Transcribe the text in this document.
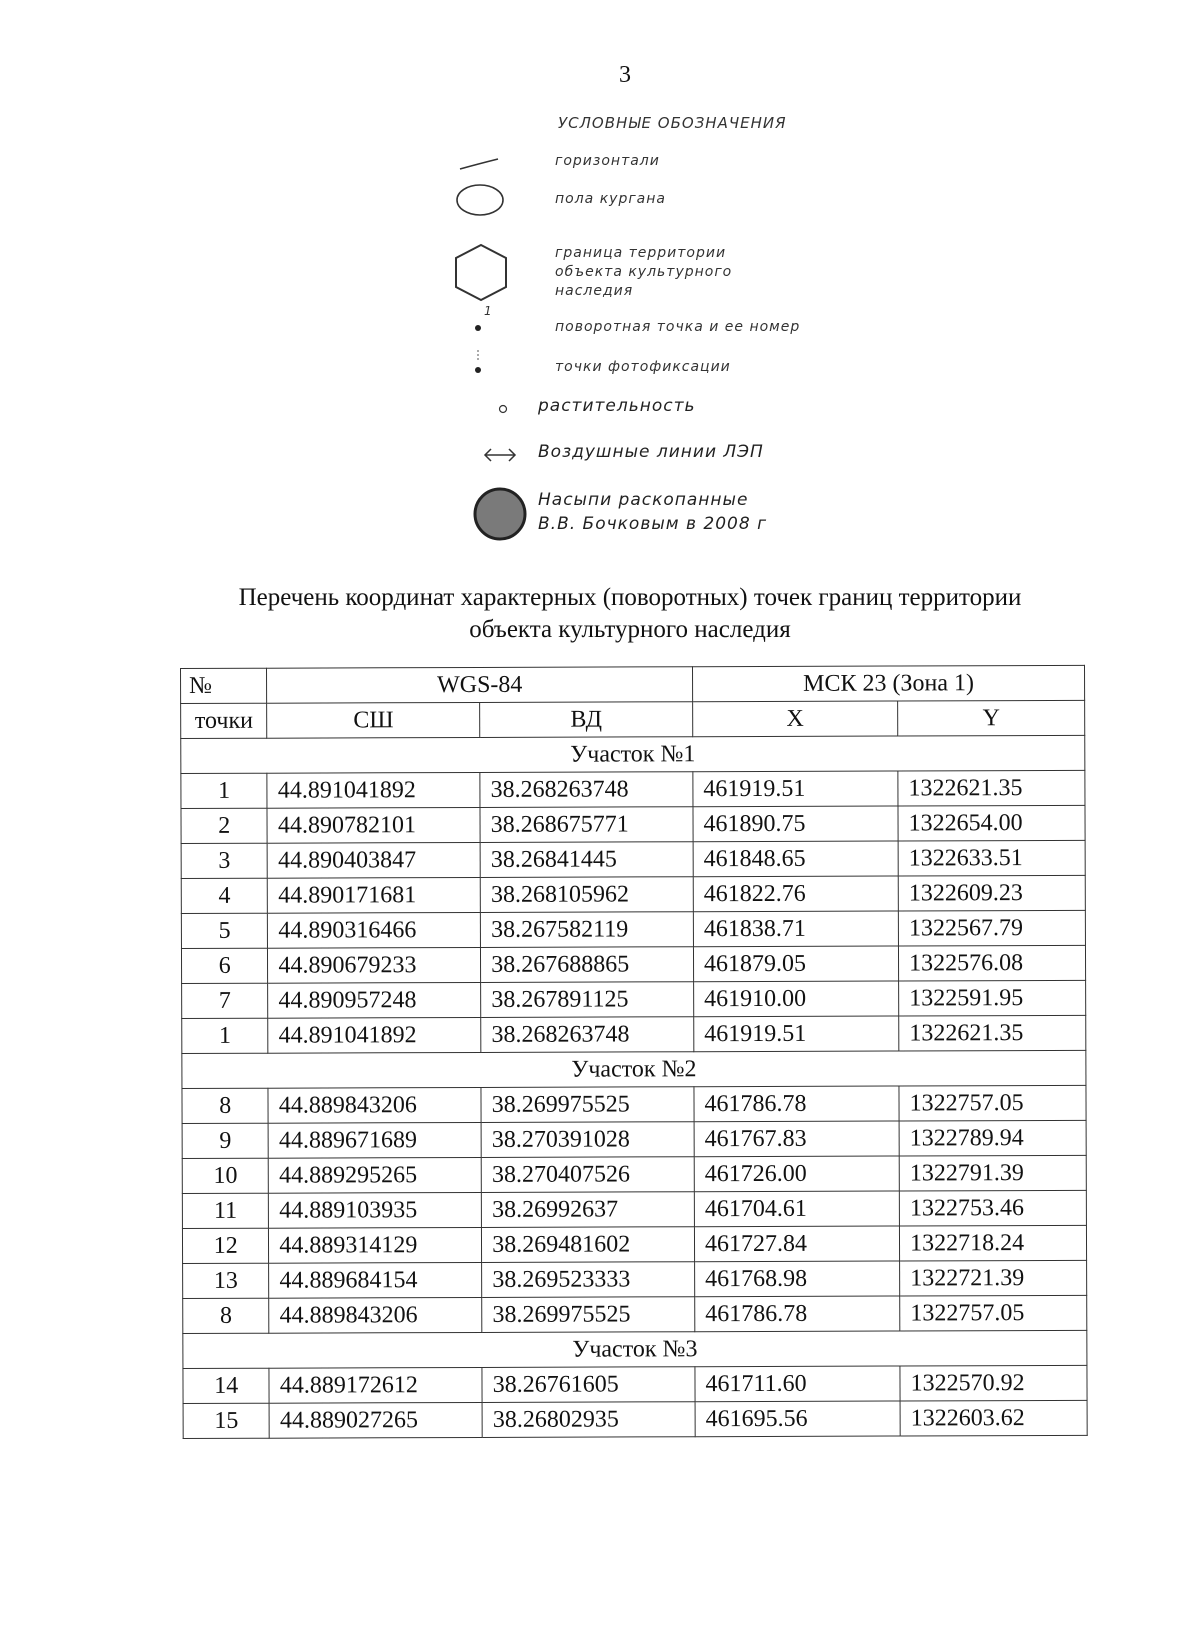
3
УСЛОВНЫЕ ОБОЗНАЧЕНИЯ
горизонтали
пола кургана
граница территории
объекта культурного
наследия
1
поворотная точка и ее номер
точки фотофиксации
растительность
Воздушные линии ЛЭП
Насыпи раскопанные
В.В. Бочковым в 2008 г
Перечень координат характерных (поворотных) точек границ территории
объекта культурного наследия
№	WGS-84		МСК 23 (Зона 1)	
точки	СШ	ВД	X	Y
Участок №1				
1	44.891041892	38.268263748	461919.51	1322621.35
2	44.890782101	38.268675771	461890.75	1322654.00
3	44.890403847	38.26841445	461848.65	1322633.51
4	44.890171681	38.268105962	461822.76	1322609.23
5	44.890316466	38.267582119	461838.71	1322567.79
6	44.890679233	38.267688865	461879.05	1322576.08
7	44.890957248	38.267891125	461910.00	1322591.95
1	44.891041892	38.268263748	461919.51	1322621.35
Участок №2				
8	44.889843206	38.269975525	461786.78	1322757.05
9	44.889671689	38.270391028	461767.83	1322789.94
10	44.889295265	38.270407526	461726.00	1322791.39
11	44.889103935	38.26992637	461704.61	1322753.46
12	44.889314129	38.269481602	461727.84	1322718.24
13	44.889684154	38.269523333	461768.98	1322721.39
8	44.889843206	38.269975525	461786.78	1322757.05
Участок №3				
14	44.889172612	38.26761605	461711.60	1322570.92
15	44.889027265	38.26802935	461695.56	1322603.62
